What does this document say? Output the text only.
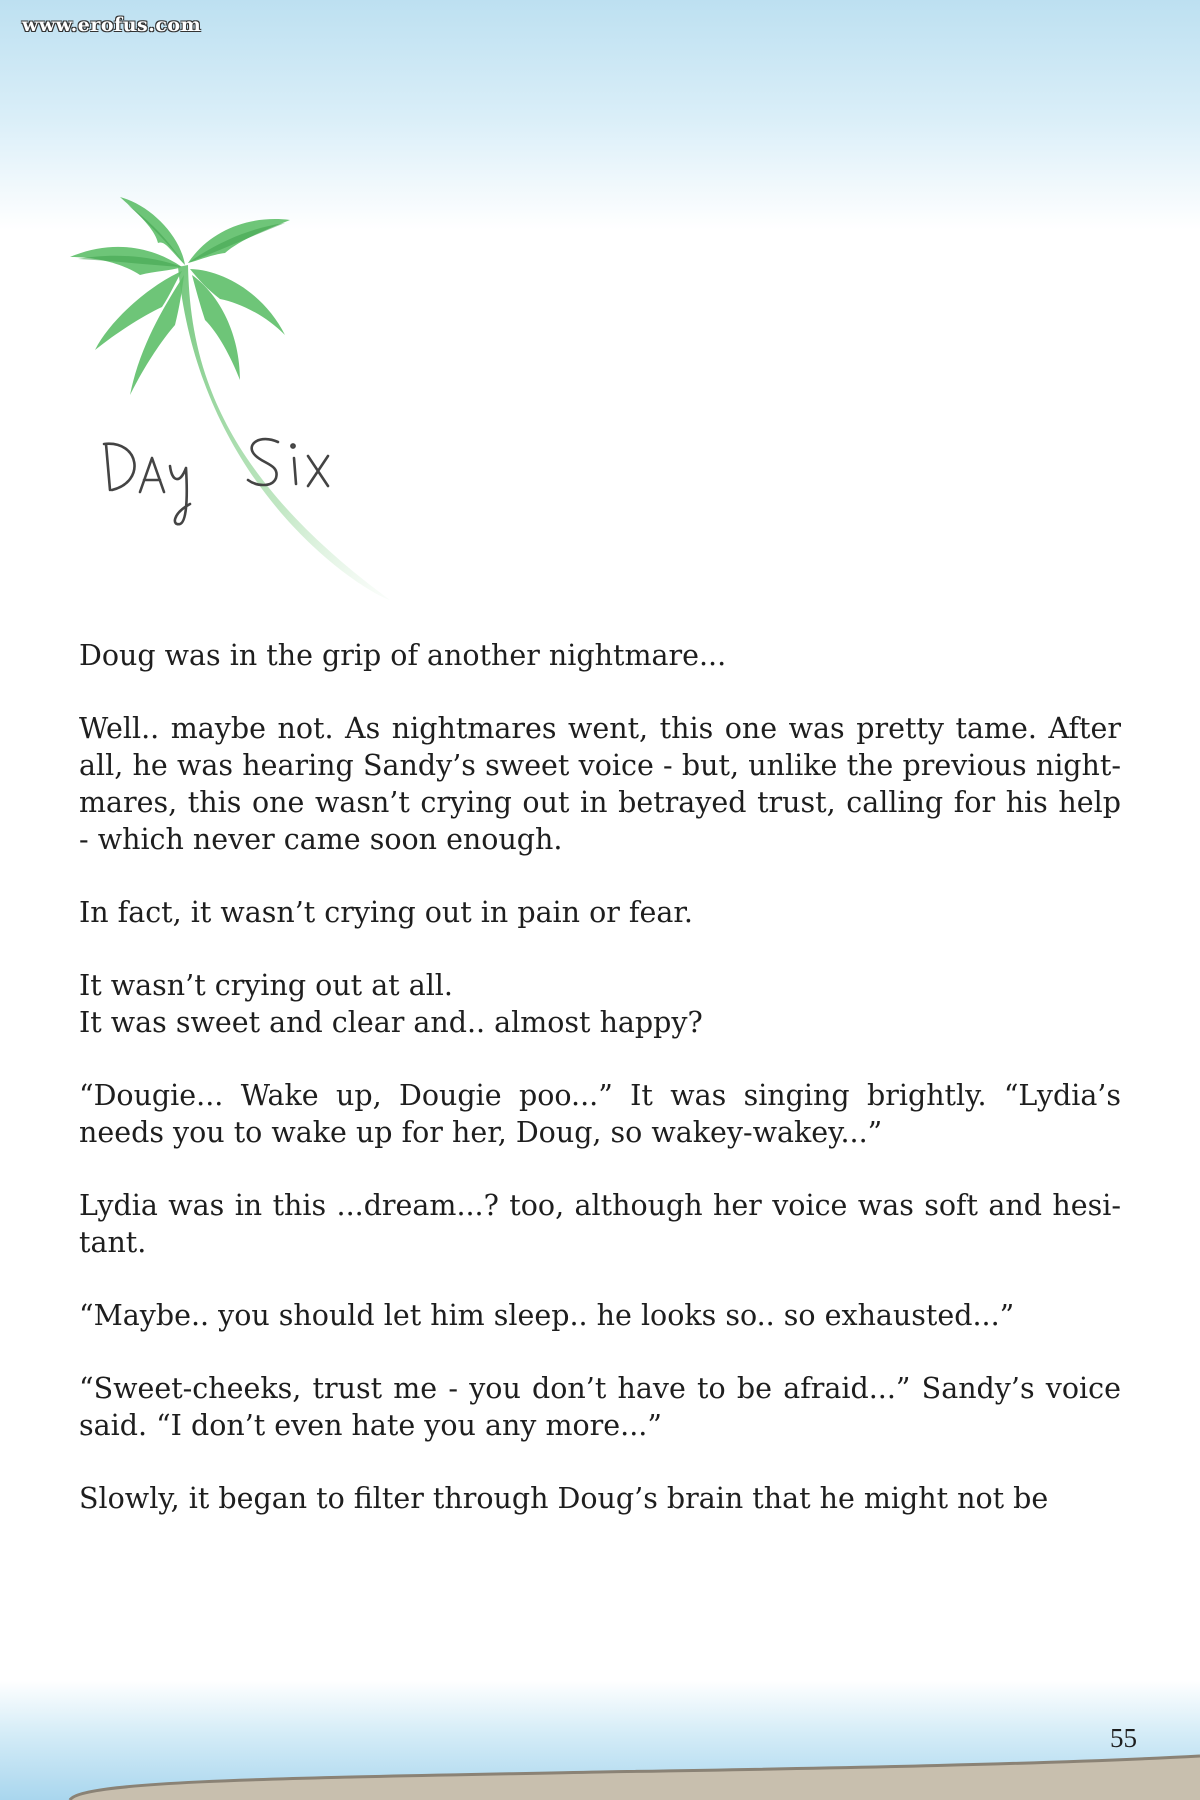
www.erofus.com
Day Six

Doug was in the grip of another nightmare...

Well.. maybe not. As nightmares went, this one was pretty tame. After all, he was hearing Sandy’s sweet voice - but, unlike the previous night-mares, this one wasn’t crying out in betrayed trust, calling for his help - which never came soon enough.

In fact, it wasn’t crying out in pain or fear.

It wasn’t crying out at all.

It was sweet and clear and.. almost happy?

“Dougie... Wake up, Dougie poo...” It was singing brightly. “Lydia’s needs you to wake up for her, Doug, so wakey-wakey...”

Lydia was in this ...dream...? too, although her voice was soft and hesi-tant.

“Maybe.. you should let him sleep.. he looks so.. so exhausted...”

“Sweet-cheeks, trust me - you don’t have to be afraid...” Sandy’s voice said. “I don’t even hate you any more...”

Slowly, it began to filter through Doug’s brain that he might not be

55
